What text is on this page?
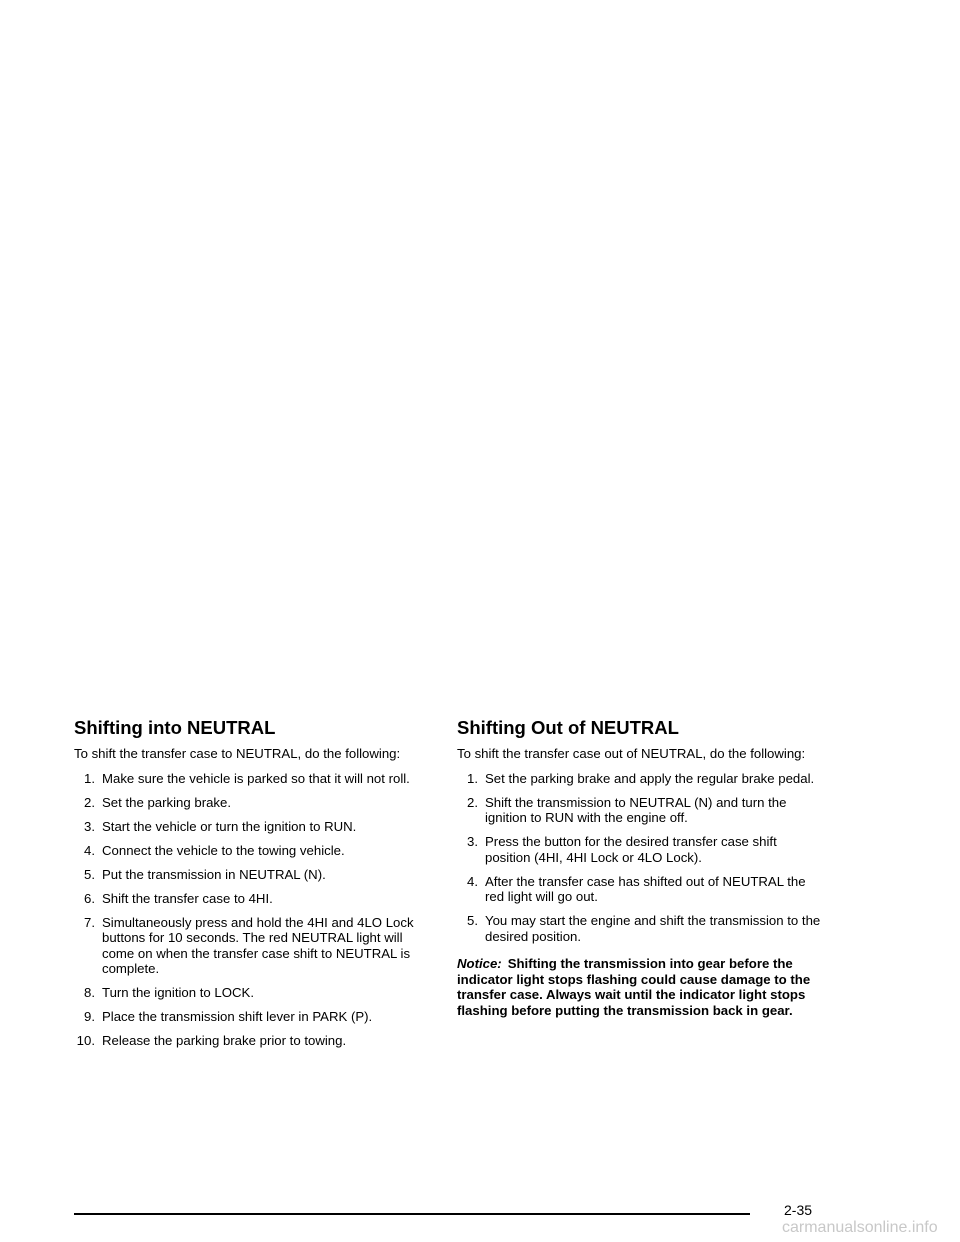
Shifting into NEUTRAL

To shift the transfer case to NEUTRAL, do the following:

1. Make sure the vehicle is parked so that it will not roll.
2. Set the parking brake.
3. Start the vehicle or turn the ignition to RUN.
4. Connect the vehicle to the towing vehicle.
5. Put the transmission in NEUTRAL (N).
6. Shift the transfer case to 4HI.
7. Simultaneously press and hold the 4HI and 4LO Lock buttons for 10 seconds. The red NEUTRAL light will come on when the transfer case shift to NEUTRAL is complete.
8. Turn the ignition to LOCK.
9. Place the transmission shift lever in PARK (P).
10. Release the parking brake prior to towing.
Shifting Out of NEUTRAL

To shift the transfer case out of NEUTRAL, do the following:

1. Set the parking brake and apply the regular brake pedal.
2. Shift the transmission to NEUTRAL (N) and turn the ignition to RUN with the engine off.
3. Press the button for the desired transfer case shift position (4HI, 4HI Lock or 4LO Lock).
4. After the transfer case has shifted out of NEUTRAL the red light will go out.
5. You may start the engine and shift the transmission to the desired position.

Notice: Shifting the transmission into gear before the indicator light stops flashing could cause damage to the transfer case. Always wait until the indicator light stops flashing before putting the transmission back in gear.

2-35
carmanualsonline.info
